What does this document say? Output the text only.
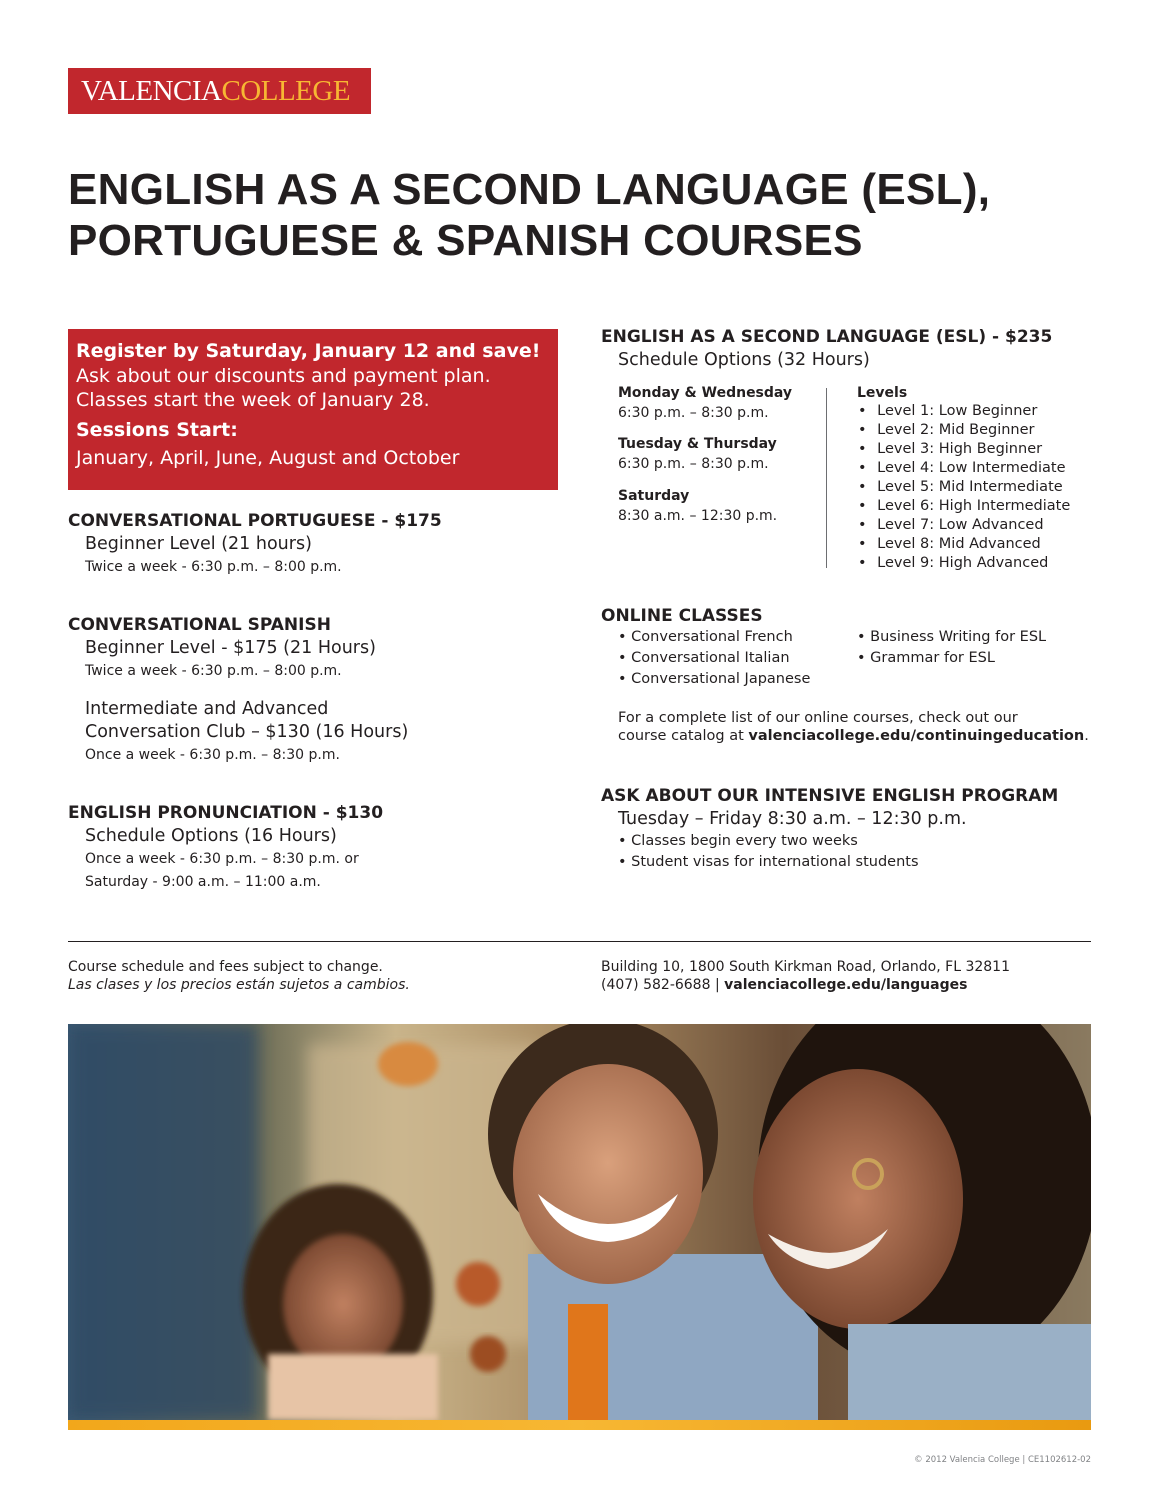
VALENCIA COLLEGE
ENGLISH AS A SECOND LANGUAGE (ESL),
PORTUGUESE & SPANISH COURSES
Register by Saturday, January 12 and save!
Ask about our discounts and payment plan.
Classes start the week of January 28.
Sessions Start:
January, April, June, August and October
CONVERSATIONAL PORTUGUESE - $175
Beginner Level (21 hours)
Twice a week - 6:30 p.m. – 8:00 p.m.
CONVERSATIONAL SPANISH
Beginner Level - $175 (21 Hours)
Twice a week - 6:30 p.m. – 8:00 p.m.
Intermediate and Advanced
Conversation Club – $130 (16 Hours)
Once a week - 6:30 p.m. – 8:30 p.m.
ENGLISH PRONUNCIATION - $130
Schedule Options (16 Hours)
Once a week - 6:30 p.m. – 8:30 p.m. or
Saturday - 9:00 a.m. – 11:00 a.m.
ENGLISH AS A SECOND LANGUAGE (ESL) - $235
Schedule Options (32 Hours)
Monday & Wednesday
6:30 p.m. – 8:30 p.m.
Tuesday & Thursday
6:30 p.m. – 8:30 p.m.
Saturday
8:30 a.m. – 12:30 p.m.
Levels
• Level 1: Low Beginner
• Level 2: Mid Beginner
• Level 3: High Beginner
• Level 4: Low Intermediate
• Level 5: Mid Intermediate
• Level 6: High Intermediate
• Level 7: Low Advanced
• Level 8: Mid Advanced
• Level 9: High Advanced
ONLINE CLASSES
• Conversational French
• Conversational Italian
• Conversational Japanese
• Business Writing for ESL
• Grammar for ESL
For a complete list of our online courses, check out our
course catalog at valenciacollege.edu/continuingeducation.
ASK ABOUT OUR INTENSIVE ENGLISH PROGRAM
Tuesday – Friday 8:30 a.m. – 12:30 p.m.
• Classes begin every two weeks
• Student visas for international students
Course schedule and fees subject to change.
Las clases y los precios están sujetos a cambios.
Building 10, 1800 South Kirkman Road, Orlando, FL 32811
(407) 582-6688 | valenciacollege.edu/languages
© 2012 Valencia College | CE1102612-02
